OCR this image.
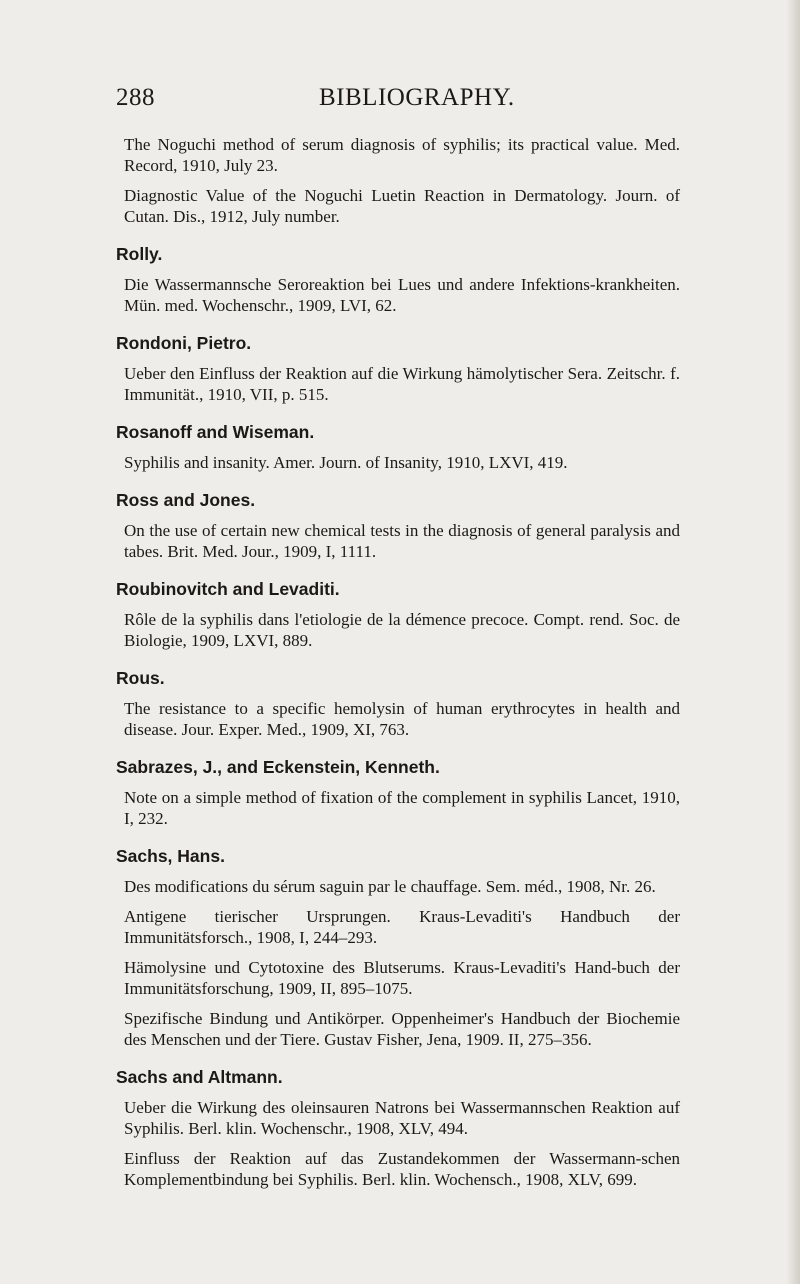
288	BIBLIOGRAPHY.
The Noguchi method of serum diagnosis of syphilis; its practical value. Med. Record, 1910, July 23.
Diagnostic Value of the Noguchi Luetin Reaction in Dermatology. Journ. of Cutan. Dis., 1912, July number.
Rolly.
Die Wassermannsche Seroreaktion bei Lues und andere Infektions-krankheiten. Mün. med. Wochenschr., 1909, LVI, 62.
Rondoni, Pietro.
Ueber den Einfluss der Reaktion auf die Wirkung hämolytischer Sera. Zeitschr. f. Immunität., 1910, VII, p. 515.
Rosanoff and Wiseman.
Syphilis and insanity. Amer. Journ. of Insanity, 1910, LXVI, 419.
Ross and Jones.
On the use of certain new chemical tests in the diagnosis of general paralysis and tabes. Brit. Med. Jour., 1909, I, 1111.
Roubinovitch and Levaditi.
Rôle de la syphilis dans l'etiologie de la démence precoce. Compt. rend. Soc. de Biologie, 1909, LXVI, 889.
Rous.
The resistance to a specific hemolysin of human erythrocytes in health and disease. Jour. Exper. Med., 1909, XI, 763.
Sabrazes, J., and Eckenstein, Kenneth.
Note on a simple method of fixation of the complement in syphilis Lancet, 1910, I, 232.
Sachs, Hans.
Des modifications du sérum saguin par le chauffage. Sem. méd., 1908, Nr. 26.
Antigene tierischer Ursprungen. Kraus-Levaditi's Handbuch der Immunitätsforsch., 1908, I, 244–293.
Hämolysine und Cytotoxine des Blutserums. Kraus-Levaditi's Hand-buch der Immunitätsforschung, 1909, II, 895–1075.
Spezifische Bindung und Antikörper. Oppenheimer's Handbuch der Biochemie des Menschen und der Tiere. Gustav Fisher, Jena, 1909. II, 275–356.
Sachs and Altmann.
Ueber die Wirkung des oleinsauren Natrons bei Wassermannschen Reaktion auf Syphilis. Berl. klin. Wochenschr., 1908, XLV, 494.
Einfluss der Reaktion auf das Zustandekommen der Wassermann-schen Komplementbindung bei Syphilis. Berl. klin. Wochensch., 1908, XLV, 699.
